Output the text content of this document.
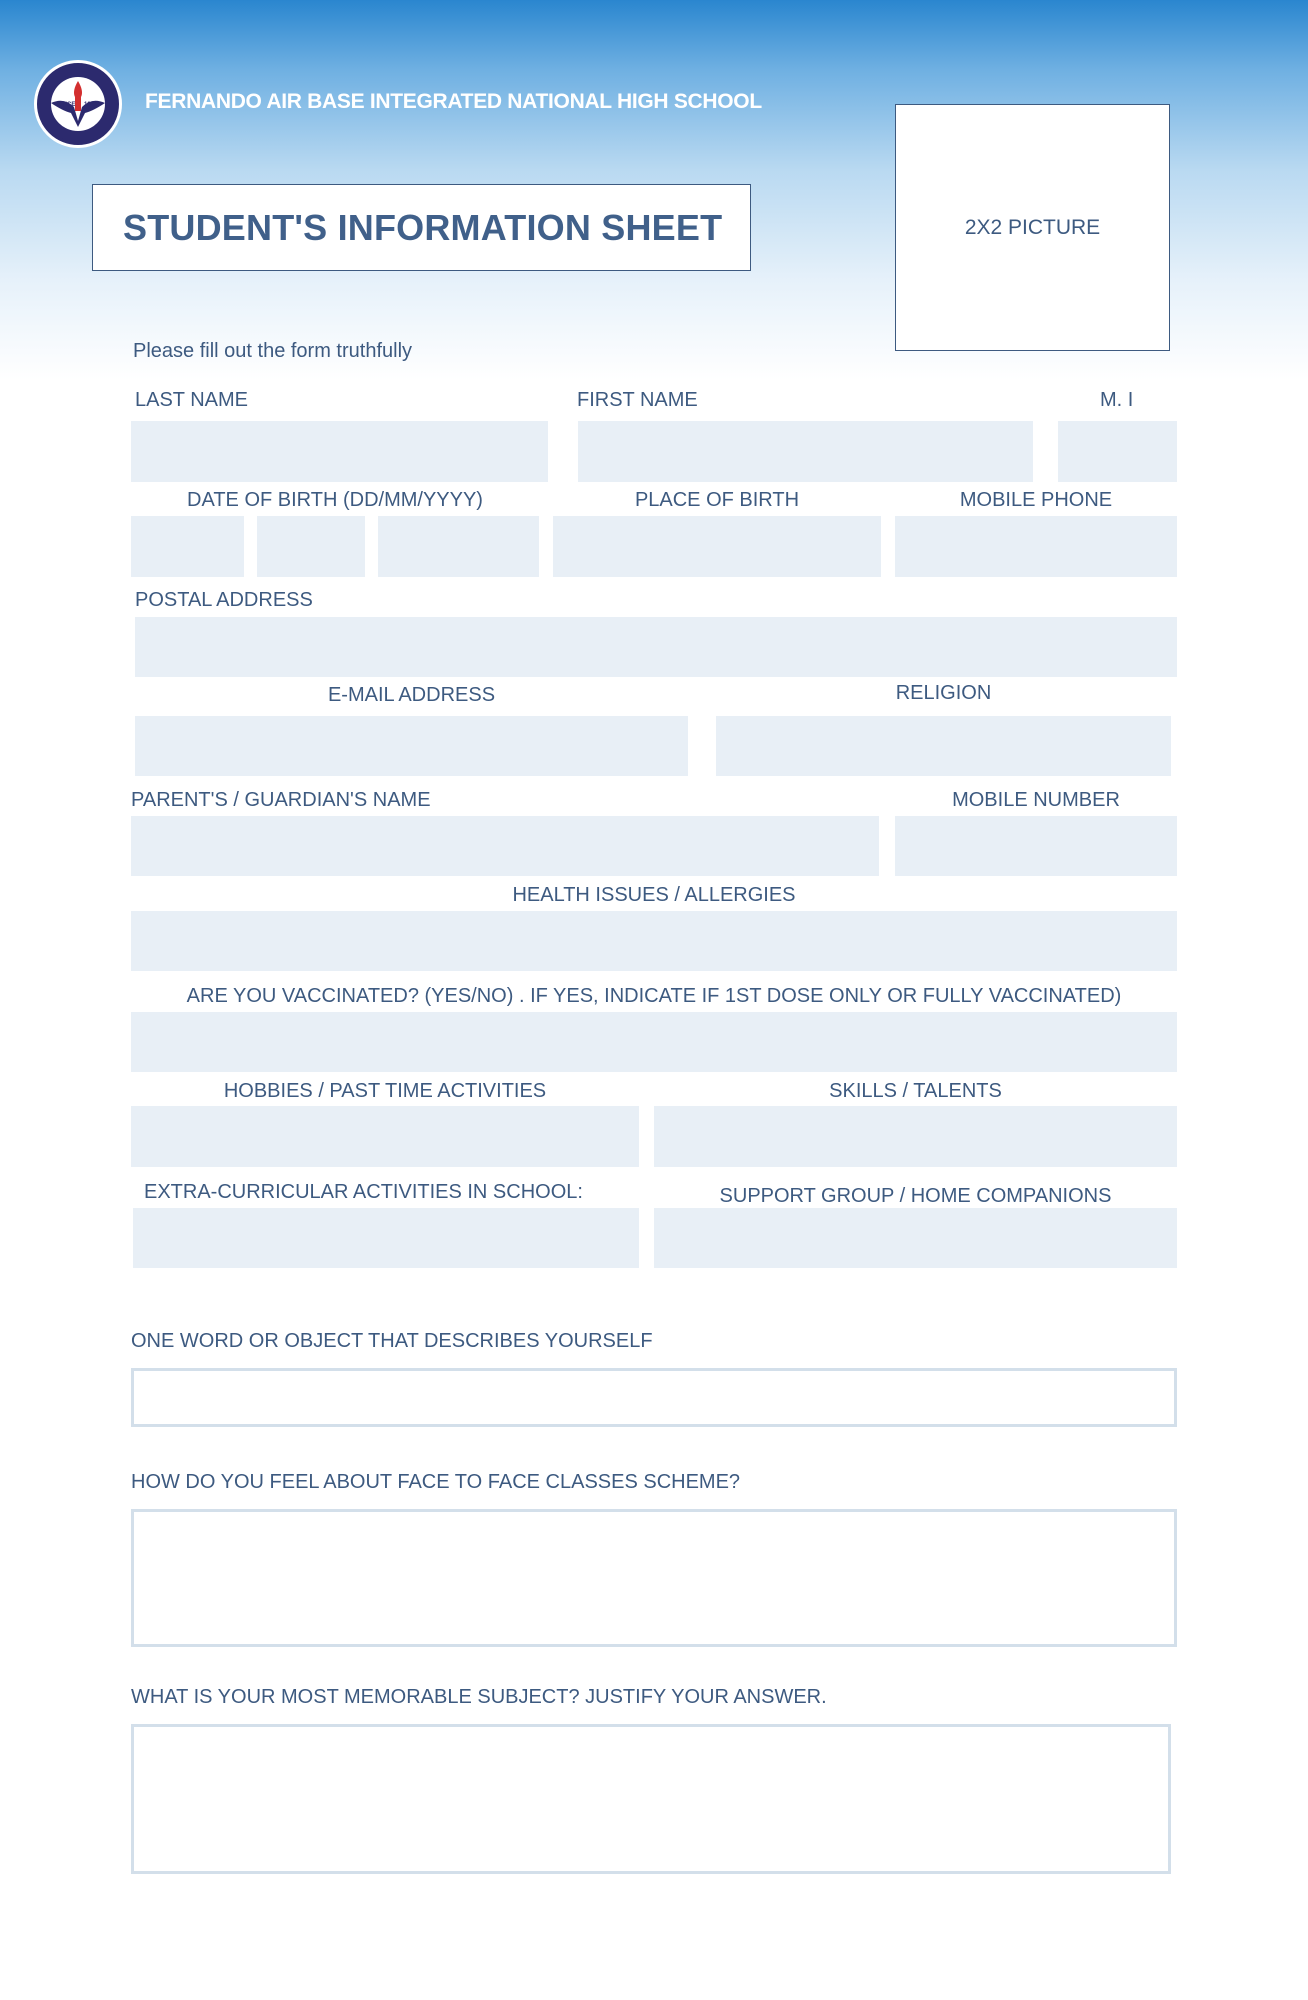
SINCE 1968 FERNANDO AIR BASE INTEGRATED NATIONAL HIGH SCHOOL
STUDENT'S INFORMATION SHEET	2X2 PICTURE
Please fill out the form truthfully
LAST NAME	FIRST NAME	M. I
DATE OF BIRTH (DD/MM/YYYY)	PLACE OF BIRTH	MOBILE PHONE
POSTAL ADDRESS
E-MAIL ADDRESS	RELIGION
PARENT'S / GUARDIAN'S NAME	MOBILE NUMBER
HEALTH ISSUES / ALLERGIES
ARE YOU VACCINATED? (YES/NO) . IF YES, INDICATE IF 1ST DOSE ONLY OR FULLY VACCINATED)
HOBBIES / PAST TIME ACTIVITIES	SKILLS / TALENTS
EXTRA-CURRICULAR ACTIVITIES IN SCHOOL:	SUPPORT GROUP / HOME COMPANIONS
ONE WORD OR OBJECT THAT DESCRIBES YOURSELF
HOW DO YOU FEEL ABOUT FACE TO FACE CLASSES SCHEME?
WHAT IS YOUR MOST MEMORABLE SUBJECT? JUSTIFY YOUR ANSWER.
